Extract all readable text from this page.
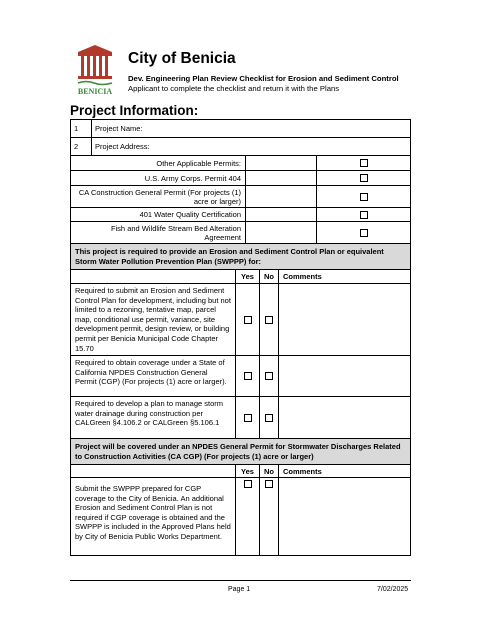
BENICIA
City of Benicia
Dev. Engineering Plan Review Checklist for Erosion and Sediment Control
Applicant to complete the checklist and return it with the Plans
Project Information:
1	Project Name:
2	Project Address:
Other Applicable Permits:
U.S. Army Corps. Permit 404
CA Construction General Permit (For projects (1) acre or larger)
401 Water Quality Certification
Fish and Wildlife Stream Bed Alteration Agreement
This project is required to provide an Erosion and Sediment Control Plan or equivalent Storm Water Pollution Prevention Plan (SWPPP) for:
Yes	No	Comments
Required to submit an Erosion and Sediment Control Plan for development, including but not limited to a rezoning, tentative map, parcel map, conditional use permit, variance, site development permit, design review, or building permit per Benicia Municipal Code Chapter 15.70
Required to obtain coverage under a State of California NPDES Construction General Permit (CGP) (For projects (1) acre or larger).
Required to develop a plan to manage storm water drainage during construction per CALGreen §4.106.2 or CALGreen §5.106.1
Project will be covered under an NPDES General Permit for Stormwater Discharges Related to Construction Activities (CA CGP) (For projects (1) acre or larger)
Yes	No	Comments
Submit the SWPPP prepared for CGP coverage to the City of Benicia. An additional Erosion and Sediment Control Plan is not required if CGP coverage is obtained and the SWPPP is included in the Approved Plans held by City of Benicia Public Works Department.
Page 1	7/02/2025
